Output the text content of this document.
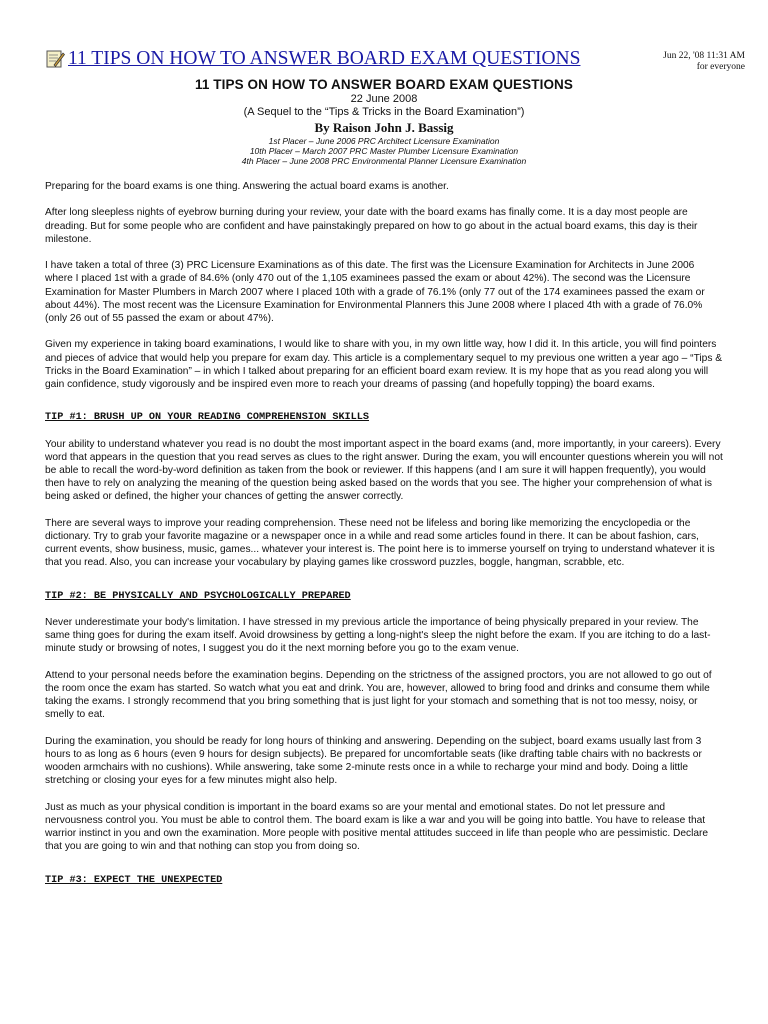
11 TIPS ON HOW TO ANSWER BOARD EXAM QUESTIONS	Jun 22, '08 11:31 AM
for everyone
11 TIPS ON HOW TO ANSWER BOARD EXAM QUESTIONS
22 June 2008
(A Sequel to the “Tips & Tricks in the Board Examination”)
By Raison John J. Bassig
1st Placer – June 2006 PRC Architect Licensure Examination
10th Placer – March 2007 PRC Master Plumber Licensure Examination
4th Placer – June 2008 PRC Environmental Planner Licensure Examination

Preparing for the board exams is one thing. Answering the actual board exams is another.

After long sleepless nights of eyebrow burning during your review, your date with the board exams has finally come. It is a day most people are dreading. But for some people who are confident and have painstakingly prepared on how to go about in the actual board exams, this day is their milestone.

I have taken a total of three (3) PRC Licensure Examinations as of this date. The first was the Licensure Examination for Architects in June 2006 where I placed 1st with a grade of 84.6% (only 470 out of the 1,105 examinees passed the exam or about 42%). The second was the Licensure Examination for Master Plumbers in March 2007 where I placed 10th with a grade of 76.1% (only 77 out of the 174 examinees passed the exam or about 44%). The most recent was the Licensure Examination for Environmental Planners this June 2008 where I placed 4th with a grade of 76.0% (only 26 out of 55 passed the exam or about 47%).

Given my experience in taking board examinations, I would like to share with you, in my own little way, how I did it. In this article, you will find pointers and pieces of advice that would help you prepare for exam day. This article is a complementary sequel to my previous one written a year ago – “Tips & Tricks in the Board Examination” – in which I talked about preparing for an efficient board exam review. It is my hope that as you read along you will gain confidence, study vigorously and be inspired even more to reach your dreams of passing (and hopefully topping) the board exams.

TIP #1: BRUSH UP ON YOUR READING COMPREHENSION SKILLS

Your ability to understand whatever you read is no doubt the most important aspect in the board exams (and, more importantly, in your careers). Every word that appears in the question that you read serves as clues to the right answer. During the exam, you will encounter questions wherein you will not be able to recall the word-by-word definition as taken from the book or reviewer. If this happens (and I am sure it will happen frequently), you would then have to rely on analyzing the meaning of the question being asked based on the words that you see. The higher your comprehension of what is being asked or defined, the higher your chances of getting the answer correctly.

There are several ways to improve your reading comprehension. These need not be lifeless and boring like memorizing the encyclopedia or the dictionary. Try to grab your favorite magazine or a newspaper once in a while and read some articles found in there. It can be about fashion, cars, current events, show business, music, games... whatever your interest is. The point here is to immerse yourself on trying to understand whatever it is that you read. Also, you can increase your vocabulary by playing games like crossword puzzles, boggle, hangman, scrabble, etc.

TIP #2: BE PHYSICALLY AND PSYCHOLOGICALLY PREPARED

Never underestimate your body's limitation. I have stressed in my previous article the importance of being physically prepared in your review. The same thing goes for during the exam itself. Avoid drowsiness by getting a long-night's sleep the night before the exam. If you are itching to do a last-minute study or browsing of notes, I suggest you do it the next morning before you go to the exam venue.

Attend to your personal needs before the examination begins. Depending on the strictness of the assigned proctors, you are not allowed to go out of the room once the exam has started. So watch what you eat and drink. You are, however, allowed to bring food and drinks and consume them while taking the exams. I strongly recommend that you bring something that is just light for your stomach and something that is not too messy, noisy, or smelly to eat.

During the examination, you should be ready for long hours of thinking and answering. Depending on the subject, board exams usually last from 3 hours to as long as 6 hours (even 9 hours for design subjects). Be prepared for uncomfortable seats (like drafting table chairs with no backrests or wooden armchairs with no cushions). While answering, take some 2-minute rests once in a while to recharge your mind and body. Doing a little stretching or closing your eyes for a few minutes might also help.

Just as much as your physical condition is important in the board exams so are your mental and emotional states. Do not let pressure and nervousness control you. You must be able to control them. The board exam is like a war and you will be going into battle. You have to release that warrior instinct in you and own the examination. More people with positive mental attitudes succeed in life than people who are pessimistic. Declare that you are going to win and that nothing can stop you from doing so.

TIP #3: EXPECT THE UNEXPECTED
